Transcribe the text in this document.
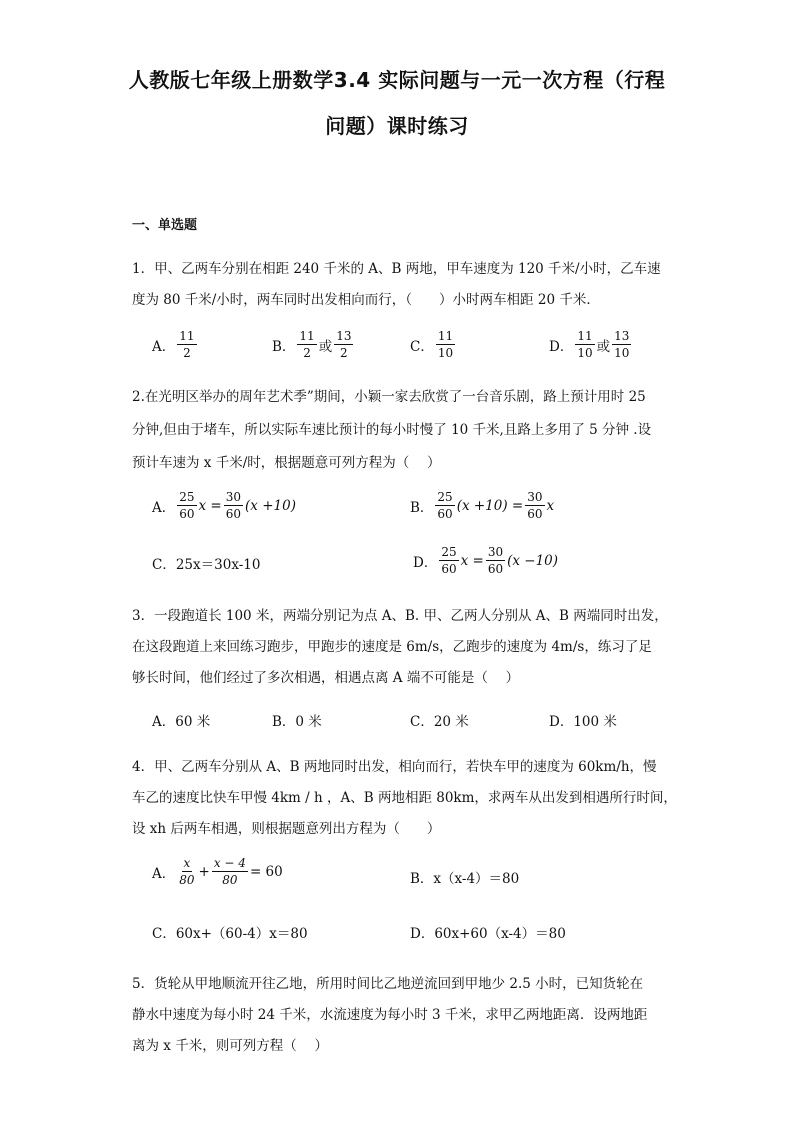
人教版七年级上册数学3.4 实际问题与一元一次方程（行程
问题）课时练习
一、单选题
1．甲、乙两车分别在相距 240 千米的 A、B 两地，甲车速度为 120 千米/小时，乙车速
度为 80 千米/小时，两车同时出发相向而行，（　　）小时两车相距 20 千米．
A． $\frac{11}{2}$	B． $\frac{11}{2}$ 或 $\frac{13}{2}$	C． $\frac{11}{10}$	D． $\frac{11}{10}$ 或 $\frac{13}{10}$
2.在光明区举办的周年艺术季”期间，小颖一家去欣赏了一台音乐剧，路上预计用时 25
分钟,但由于堵车，所以实际车速比预计的每小时慢了 10 千米,且路上多用了 5 分钟 .设
预计车速为 x 千米/时，根据题意可列方程为（　 ）
A． $\frac{25}{60}$ $x = \frac{30}{60} (x +10)$	B． $\frac{25}{60} (x +10) = \frac{30}{60}$ x
C． 25x＝30x-10	D． $\frac{25}{60}$ $x = \frac{30}{60} (x -10)$
3．一段跑道长 100 米，两端分别记为点 A、B. 甲、乙两人分别从 A、B 两端同时出发，
在这段跑道上来回练习跑步，甲跑步的速度是 6m/s，乙跑步的速度为 4m/s，练习了足
够长时间，他们经过了多次相遇，相遇点离 A 端不可能是（　 ）
A．60 米	B．0 米	C．20 米	D．100 米
4．甲、乙两车分别从 A、B 两地同时出发，相向而行，若快车甲的速度为 60km/h，慢
车乙的速度比快车甲慢 4km / h ，A、B 两地相距 80km，求两车从出发到相遇所行时间，
设 xh 后两车相遇，则根据题意列出方程为（　　）
A． $\frac{x}{80} + \frac{x - 4}{80} = 60$	B．x（x-4）＝80
C．60x+（60-4）x＝80	D．60x+60（x-4）＝80
5．货轮从甲地顺流开往乙地，所用时间比乙地逆流回到甲地少 2.5 小时，已知货轮在
静水中速度为每小时 24 千米，水流速度为每小时 3 千米，求甲乙两地距离．设两地距
离为 x 千米，则可列方程（　 ）
